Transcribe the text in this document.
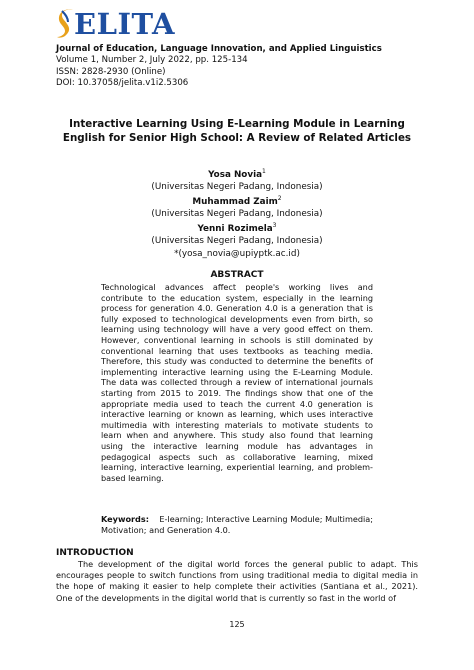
ELITA
Journal of Education, Language Innovation, and Applied Linguistics
Volume 1, Number 2, July 2022, pp. 125-134
ISSN: 2828-2930 (Online)
DOI: 10.37058/jelita.v1i2.5306
Interactive Learning Using E-Learning Module in Learning
English for Senior High School: A Review of Related Articles
Yosa Novia$^1$
(Universitas Negeri Padang, Indonesia)
Muhammad Zaim$^2$
(Universitas Negeri Padang, Indonesia)
Yenni Rozimela$^3$
(Universitas Negeri Padang, Indonesia)
*(yosa_novia@upiyptk.ac.id)
ABSTRACT

Technological advances affect people's working lives and contribute to the education system, especially in the learning process for generation 4.0. Generation 4.0 is a generation that is fully exposed to technological developments even from birth, so learning using technology will have a very good effect on them. However, conventional learning in schools is still dominated by conventional learning that uses textbooks as teaching media. Therefore, this study was conducted to determine the benefits of implementing interactive learning using the E-Learning Module. The data was collected through a review of international journals starting from 2015 to 2019. The findings show that one of the appropriate media used to teach the current 4.0 generation is interactive learning or known as learning, which uses interactive multimedia with interesting materials to motivate students to learn when and anywhere. This study also found that learning using the interactive learning module has advantages in pedagogical aspects such as collaborative learning, mixed learning, interactive learning, experiential learning, and problem-based learning.

Keywords: E-learning; Interactive Learning Module; Multimedia; Motivation; and Generation 4.0.

INTRODUCTION

The development of the digital world forces the general public to adapt. This encourages people to switch functions from using traditional media to digital media in the hope of making it easier to help complete their activities (Santiana et al., 2021). One of the developments in the digital world that is currently so fast in the world of

125
